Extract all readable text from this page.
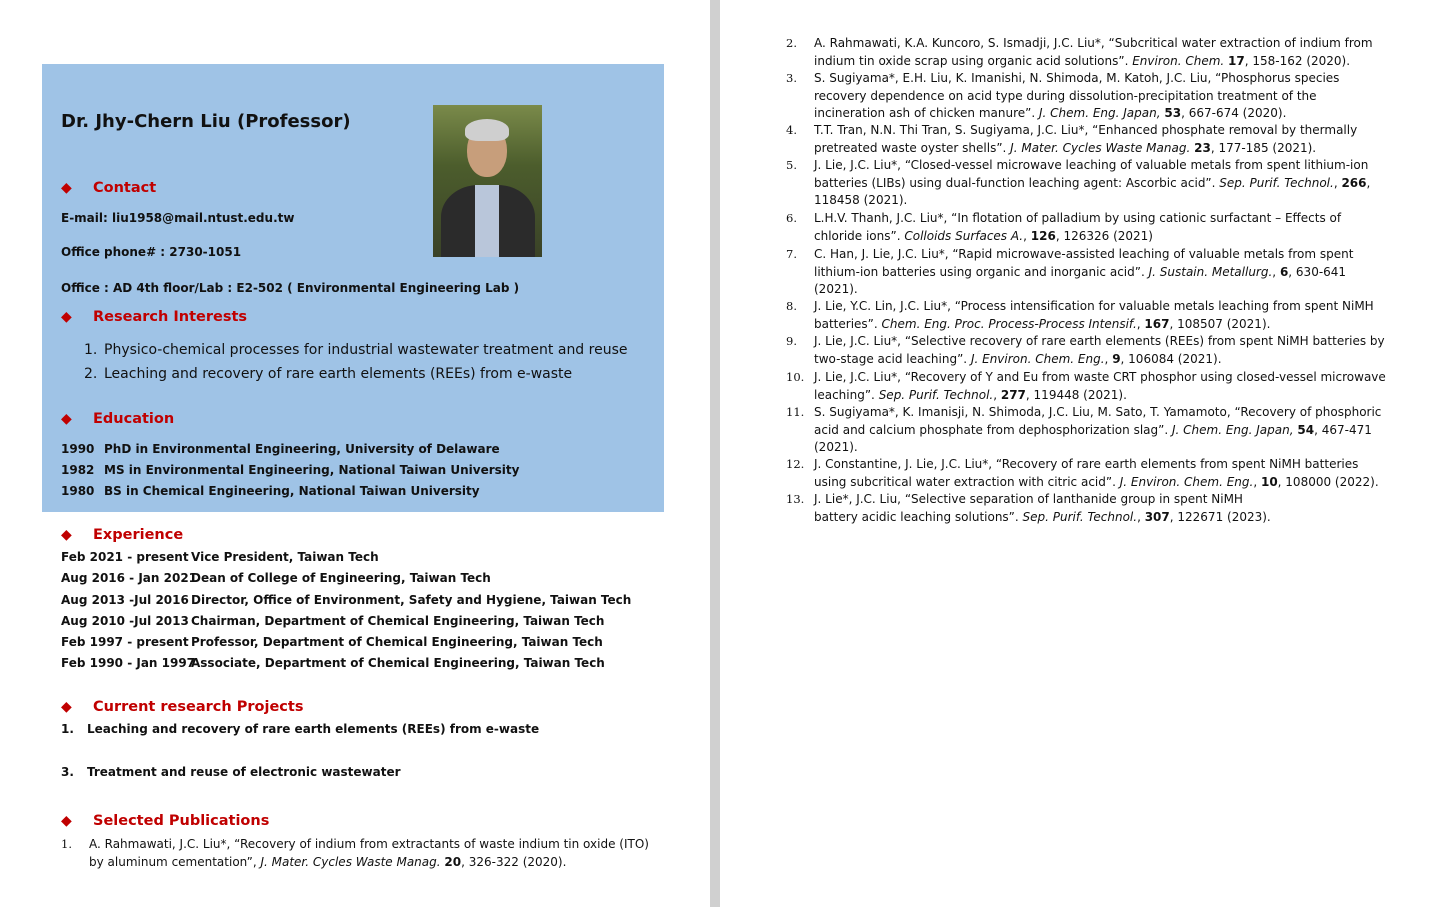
Dr. Jhy-Chern Liu (Professor)
◆ Contact
E-mail: liu1958@mail.ntust.edu.tw
Office phone# : 2730-1051
Office : AD 4th floor/Lab : E2-502 ( Environmental Engineering Lab )
◆ Research Interests
1. Physico-chemical processes for industrial wastewater treatment and reuse
2. Leaching and recovery of rare earth elements (REEs) from e-waste
◆ Education
1990 PhD in Environmental Engineering, University of Delaware
1982 MS in Environmental Engineering, National Taiwan University
1980 BS in Chemical Engineering, National Taiwan University
◆ Experience
Feb 2021 - present Vice President, Taiwan Tech
Aug 2016 - Jan 2021Dean of College of Engineering, Taiwan Tech
Aug 2013 -Jul 2016 Director, Office of Environment, Safety and Hygiene, Taiwan Tech
Aug 2010 -Jul 2013 Chairman, Department of Chemical Engineering, Taiwan Tech
Feb 1997 - present Professor, Department of Chemical Engineering, Taiwan Tech
Feb 1990 - Jan 1997Associate, Department of Chemical Engineering, Taiwan Tech
◆ Current research Projects
1. Leaching and recovery of rare earth elements (REEs) from e-waste
3. Treatment and reuse of electronic wastewater
◆ Selected Publications
1. A. Rahmawati, J.C. Liu*, “Recovery of indium from extractants of waste indium tin oxide (ITO)
by aluminum cementation”, J. Mater. Cycles Waste Manag. 20, 326-322 (2020).
2. A. Rahmawati, K.A. Kuncoro, S. Ismadji, J.C. Liu*, “Subcritical water extraction of indium from
indium tin oxide scrap using organic acid solutions”. Environ. Chem. 17, 158-162 (2020).
3. S. Sugiyama*, E.H. Liu, K. Imanishi, N. Shimoda, M. Katoh, J.C. Liu, “Phosphorus species
recovery dependence on acid type during dissolution-precipitation treatment of the
incineration ash of chicken manure”. J. Chem. Eng. Japan, 53, 667-674 (2020).
4. T.T. Tran, N.N. Thi Tran, S. Sugiyama, J.C. Liu*, “Enhanced phosphate removal by thermally
pretreated waste oyster shells”. J. Mater. Cycles Waste Manag. 23, 177-185 (2021).
5. J. Lie, J.C. Liu*, “Closed-vessel microwave leaching of valuable metals from spent lithium-ion
batteries (LIBs) using dual-function leaching agent: Ascorbic acid”. Sep. Purif. Technol., 266,
118458 (2021).
6. L.H.V. Thanh, J.C. Liu*, “In flotation of palladium by using cationic surfactant – Effects of
chloride ions”. Colloids Surfaces A., 126, 126326 (2021)
7. C. Han, J. Lie, J.C. Liu*, “Rapid microwave-assisted leaching of valuable metals from spent
lithium-ion batteries using organic and inorganic acid”. J. Sustain. Metallurg., 6, 630-641
(2021).
8. J. Lie, Y.C. Lin, J.C. Liu*, “Process intensification for valuable metals leaching from spent NiMH
batteries”. Chem. Eng. Proc. Process-Process Intensif., 167, 108507 (2021).
9. J. Lie, J.C. Liu*, “Selective recovery of rare earth elements (REEs) from spent NiMH batteries by
two-stage acid leaching”. J. Environ. Chem. Eng., 9, 106084 (2021).
10. J. Lie, J.C. Liu*, “Recovery of Y and Eu from waste CRT phosphor using closed-vessel microwave
leaching”. Sep. Purif. Technol., 277, 119448 (2021).
11. S. Sugiyama*, K. Imanisji, N. Shimoda, J.C. Liu, M. Sato, T. Yamamoto, “Recovery of phosphoric
acid and calcium phosphate from dephosphorization slag”. J. Chem. Eng. Japan, 54, 467-471
(2021).
12. J. Constantine, J. Lie, J.C. Liu*, “Recovery of rare earth elements from spent NiMH batteries
using subcritical water extraction with citric acid”. J. Environ. Chem. Eng., 10, 108000 (2022).
13. J. Lie*, J.C. Liu, “Selective separation of lanthanide group in spent NiMH
battery acidic leaching solutions”. Sep. Purif. Technol., 307, 122671 (2023).
